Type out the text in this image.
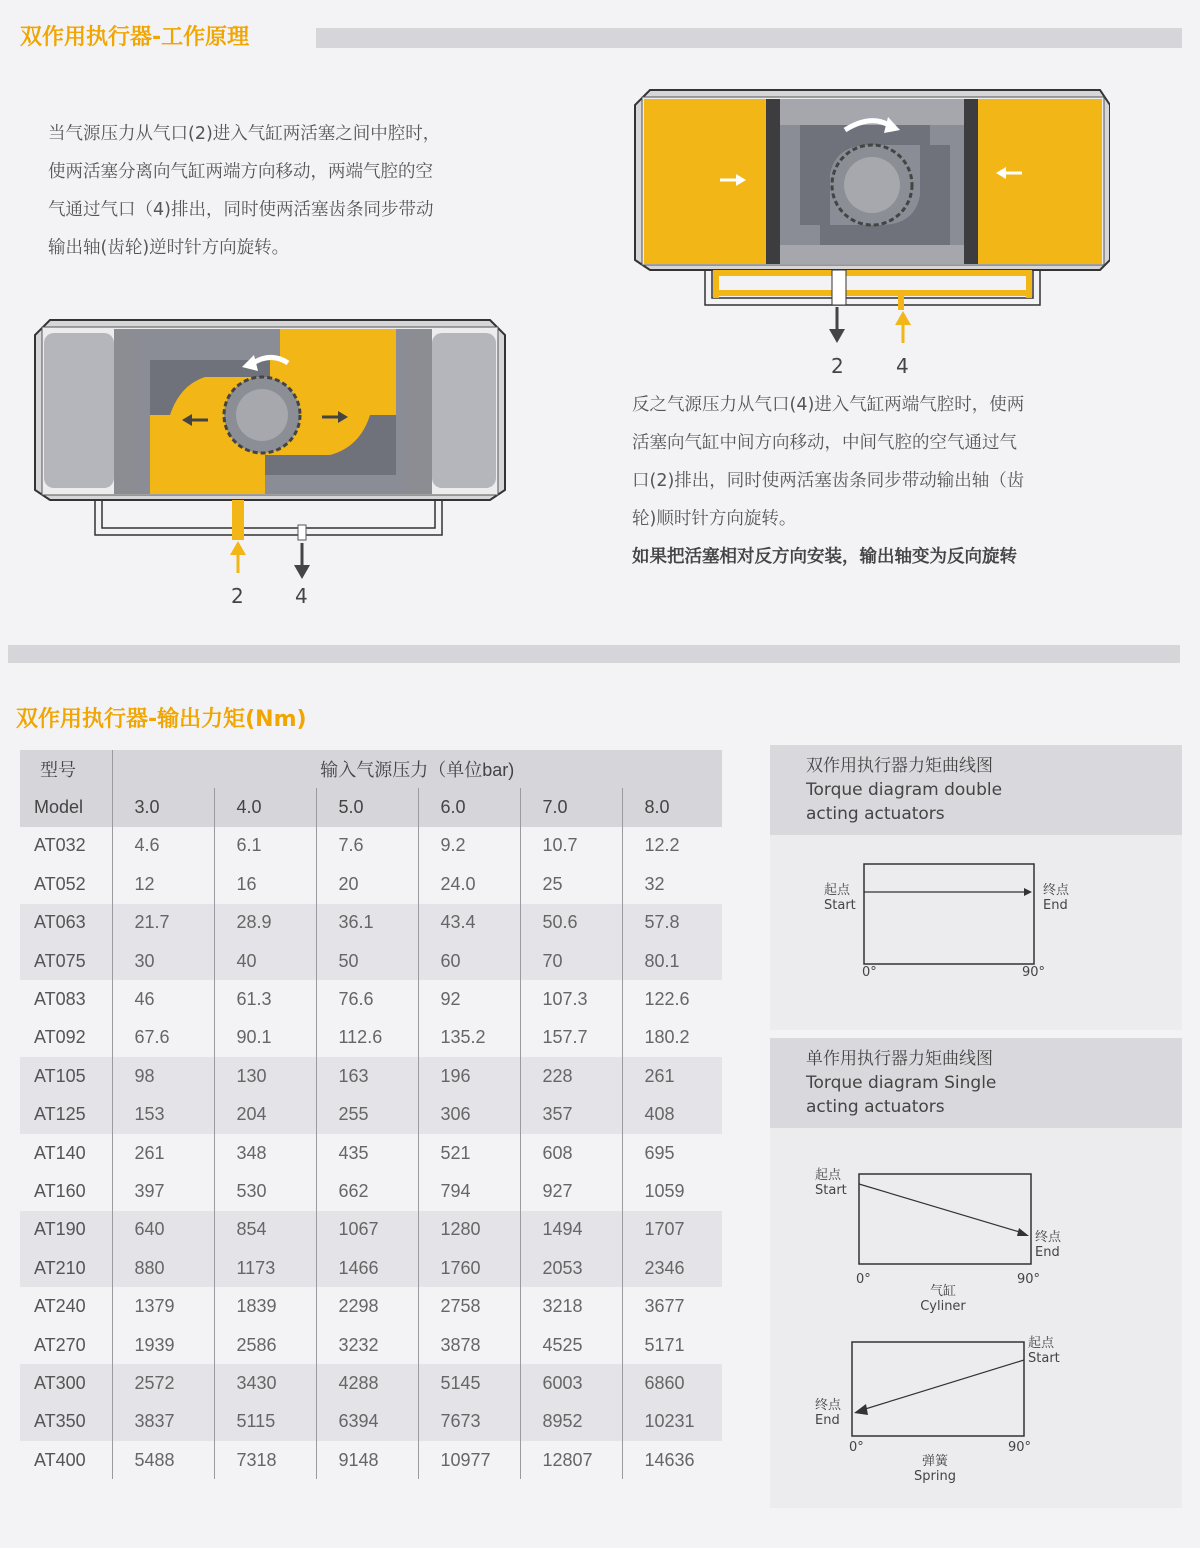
双作用执行器-工作原理

当气源压力从气口(2)进入气缸两活塞之间中腔时，

使两活塞分离向气缸两端方向移动，两端气腔的空

气通过气口（4)排出，同时使两活塞齿条同步带动

输出轴(齿轮)逆时针方向旋转。

2	4
2	4

反之气源压力从气口(4)进入气缸两端气腔时，使两

活塞向气缸中间方向移动，中间气腔的空气通过气

口(2)排出，同时使两活塞齿条同步带动输出轴（齿

轮)顺时针方向旋转。

如果把活塞相对反方向安装，输出轴变为反向旋转

双作用执行器-输出力矩(Nm)
型号	输入气源压力（单位bar)					
Model	3.0	4.0	5.0	6.0	7.0	8.0
AT032	4.6	6.1	7.6	9.2	10.7	12.2
AT052	12	16	20	24.0	25	32
AT063	21.7	28.9	36.1	43.4	50.6	57.8
AT075	30	40	50	60	70	80.1
AT083	46	61.3	76.6	92	107.3	122.6
AT092	67.6	90.1	112.6	135.2	157.7	180.2
AT105	98	130	163	196	228	261
AT125	153	204	255	306	357	408
AT140	261	348	435	521	608	695
AT160	397	530	662	794	927	1059
AT190	640	854	1067	1280	1494	1707
AT210	880	1173	1466	1760	2053	2346
AT240	1379	1839	2298	2758	3218	3677
AT270	1939	2586	3232	3878	4525	5171
AT300	2572	3430	4288	5145	6003	6860
AT350	3837	5115	6394	7673	8952	10231
AT400	5488	7318	9148	10977	12807	14636
双作用执行器力矩曲线图
Torque diagram double
acting actuators
起点
Start
终点
End
0°	90°
单作用执行器力矩曲线图
Torque diagram Single
acting actuators
起点
Start
终点
End
0°	90°
气缸
Cyliner
起点
Start
终点
End
0°	90°
弹簧
Spring
